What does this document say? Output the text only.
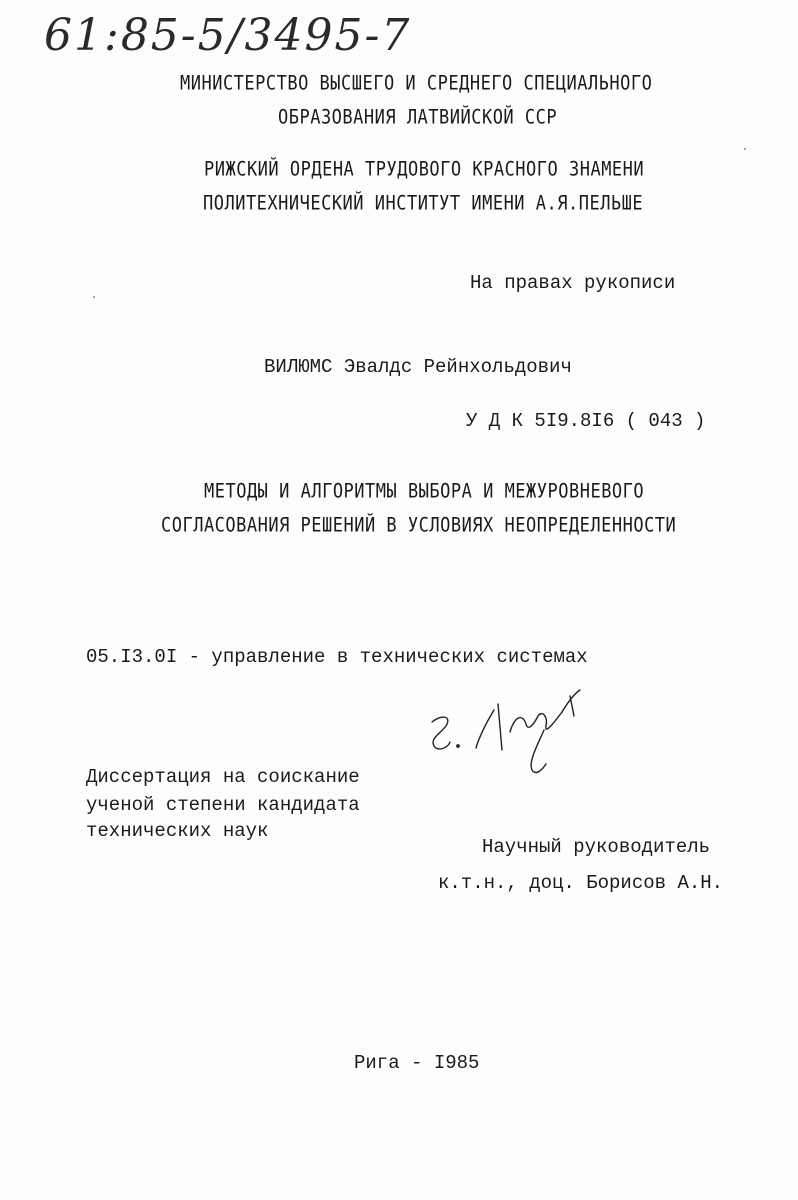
61:85-5/3495-7
МИНИСТЕРСТВО ВЫСШЕГО И СРЕДНЕГО СПЕЦИАЛЬНОГО
ОБРАЗОВАНИЯ ЛАТВИЙСКОЙ ССР
РИЖСКИЙ ОРДЕНА ТРУДОВОГО КРАСНОГО ЗНАМЕНИ
ПОЛИТЕХНИЧЕСКИЙ ИНСТИТУТ ИМЕНИ А.Я.ПЕЛЬШЕ
На правах рукописи
ВИЛЮМС Эвалдс Рейнхольдович
У Д К 5I9.8I6 ( 043 )
МЕТОДЫ И АЛГОРИТМЫ ВЫБОРА И МЕЖУРОВНЕВОГО
СОГЛАСОВАНИЯ РЕШЕНИЙ В УСЛОВИЯХ НЕОПРЕДЕЛЕННОСТИ
05.I3.0I - управление в технических системах
Э. Вилюмс
Диссертация на соискание
ученой степени кандидата
технических наук
Научный руководитель
к.т.н., доц. Борисов А.Н.
Рига - I985
